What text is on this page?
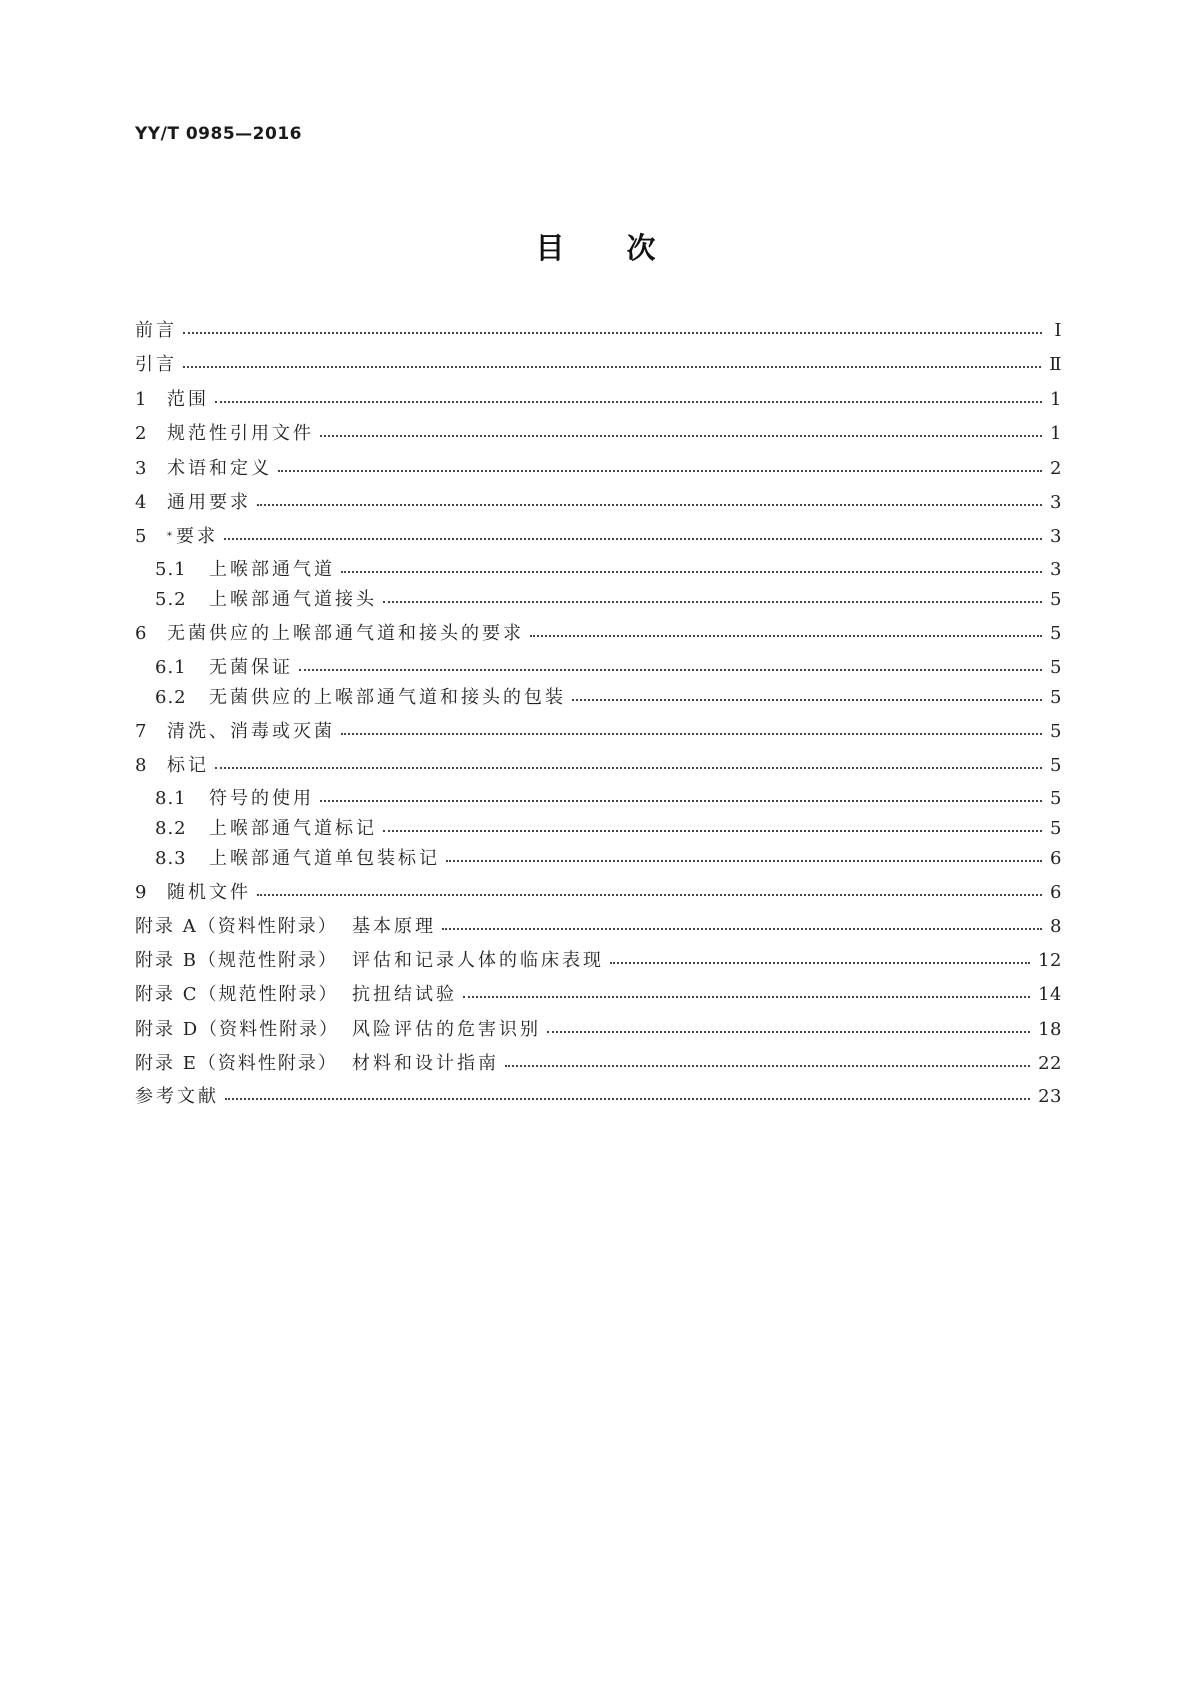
YY/T 0985—2016
目次
前言	Ⅰ
引言	Ⅱ
1	范围	1
2	规范性引用文件	1
3	术语和定义	2
4	通用要求	3
5	* 要求	3
5.1	上喉部通气道	3
5.2	上喉部通气道接头	5
6	无菌供应的上喉部通气道和接头的要求	5
6.1	无菌保证	5
6.2	无菌供应的上喉部通气道和接头的包装	5
7	清洗、消毒或灭菌	5
8	标记	5
8.1	符号的使用	5
8.2	上喉部通气道标记	5
8.3	上喉部通气道单包装标记	6
9	随机文件	6
附录 A（资料性附录） 基本原理	8
附录 B（规范性附录） 评估和记录人体的临床表现	12
附录 C（规范性附录） 抗扭结试验	14
附录 D（资料性附录） 风险评估的危害识别	18
附录 E（资料性附录） 材料和设计指南	22
参考文献	23
